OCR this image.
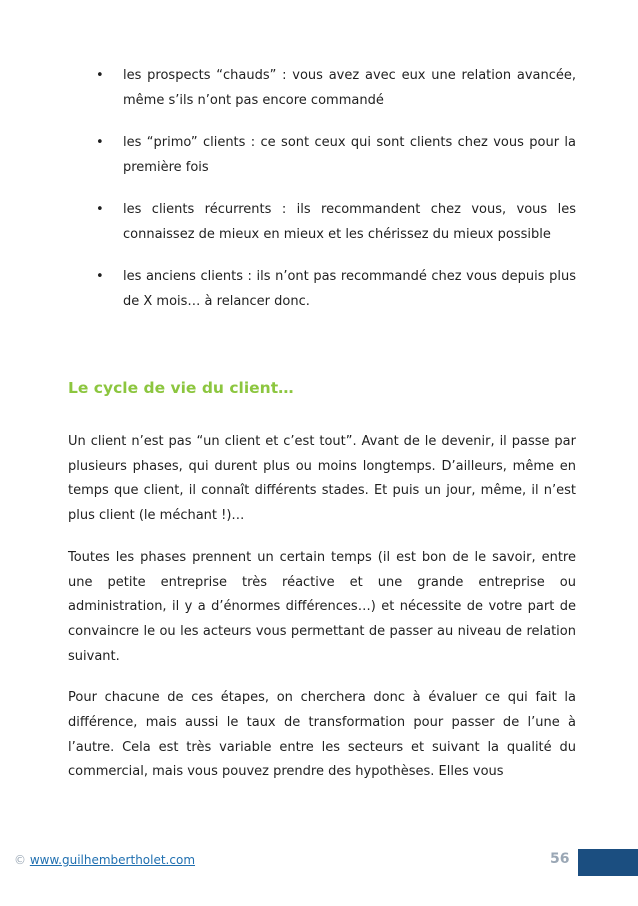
• les prospects “chauds” : vous avez avec eux une relation avancée, même s’ils n’ont pas encore commandé
• les “primo” clients : ce sont ceux qui sont clients chez vous pour la première fois
• les clients récurrents : ils recommandent chez vous, vous les connaissez de mieux en mieux et les chérissez du mieux possible
• les anciens clients : ils n’ont pas recommandé chez vous depuis plus de X mois… à relancer donc.
Le cycle de vie du client…

Un client n’est pas “un client et c’est tout”. Avant de le devenir, il passe par plusieurs phases, qui durent plus ou moins longtemps. D’ailleurs, même en temps que client, il connaît différents stades. Et puis un jour, même, il n’est plus client (le méchant !)…

Toutes les phases prennent un certain temps (il est bon de le savoir, entre une petite entreprise très réactive et une grande entreprise ou administration, il y a d’énormes différences…) et nécessite de votre part de convaincre le ou les acteurs vous permettant de passer au niveau de relation suivant.

Pour chacune de ces étapes, on cherchera donc à évaluer ce qui fait la différence, mais aussi le taux de transformation pour passer de l’une à l’autre. Cela est très variable entre les secteurs et suivant la qualité du commercial, mais vous pouvez prendre des hypothèses. Elles vous

© www.guilhembertholet.com	56
